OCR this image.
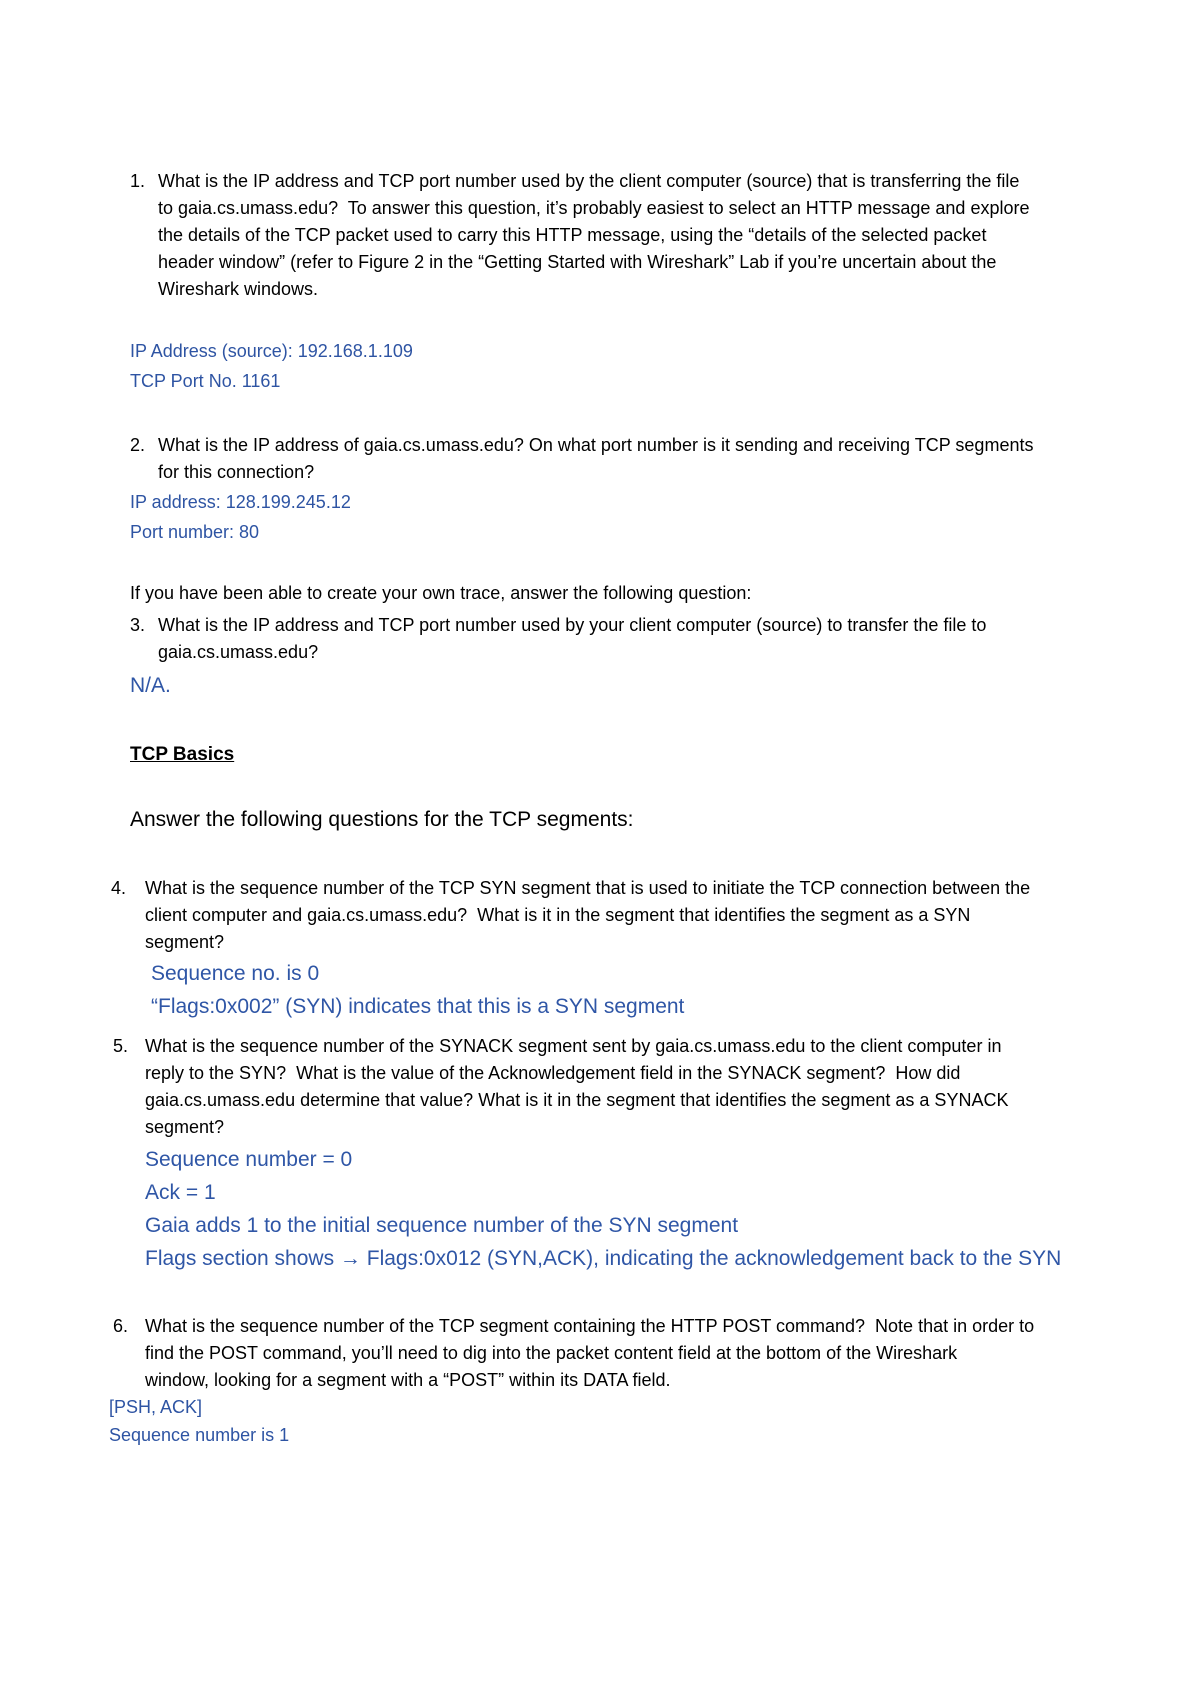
1. What is the IP address and TCP port number used by the client computer (source) that is transferring the file
to gaia.cs.umass.edu?  To answer this question, it’s probably easiest to select an HTTP message and explore
the details of the TCP packet used to carry this HTTP message, using the “details of the selected packet
header window” (refer to Figure 2 in the “Getting Started with Wireshark” Lab if you’re uncertain about the
Wireshark windows.
IP Address (source): 192.168.1.109
TCP Port No. 1161
2. What is the IP address of gaia.cs.umass.edu? On what port number is it sending and receiving TCP segments
for this connection?
IP address: 128.199.245.12
Port number: 80
If you have been able to create your own trace, answer the following question:
3. What is the IP address and TCP port number used by your client computer (source) to transfer the file to
gaia.cs.umass.edu?
N/A.
TCP Basics
Answer the following questions for the TCP segments:
4. What is the sequence number of the TCP SYN segment that is used to initiate the TCP connection between the
client computer and gaia.cs.umass.edu?  What is it in the segment that identifies the segment as a SYN
segment?
Sequence no. is 0
“Flags:0x002” (SYN) indicates that this is a SYN segment
5. What is the sequence number of the SYNACK segment sent by gaia.cs.umass.edu to the client computer in
reply to the SYN?  What is the value of the Acknowledgement field in the SYNACK segment?  How did
gaia.cs.umass.edu determine that value? What is it in the segment that identifies the segment as a SYNACK
segment?
Sequence number = 0
Ack = 1
Gaia adds 1 to the initial sequence number of the SYN segment
Flags section shows → Flags:0x012 (SYN,ACK), indicating the acknowledgement back to the SYN
6. What is the sequence number of the TCP segment containing the HTTP POST command?  Note that in order to
find the POST command, you’ll need to dig into the packet content field at the bottom of the Wireshark
window, looking for a segment with a “POST” within its DATA field.
[PSH, ACK]
Sequence number is 1
